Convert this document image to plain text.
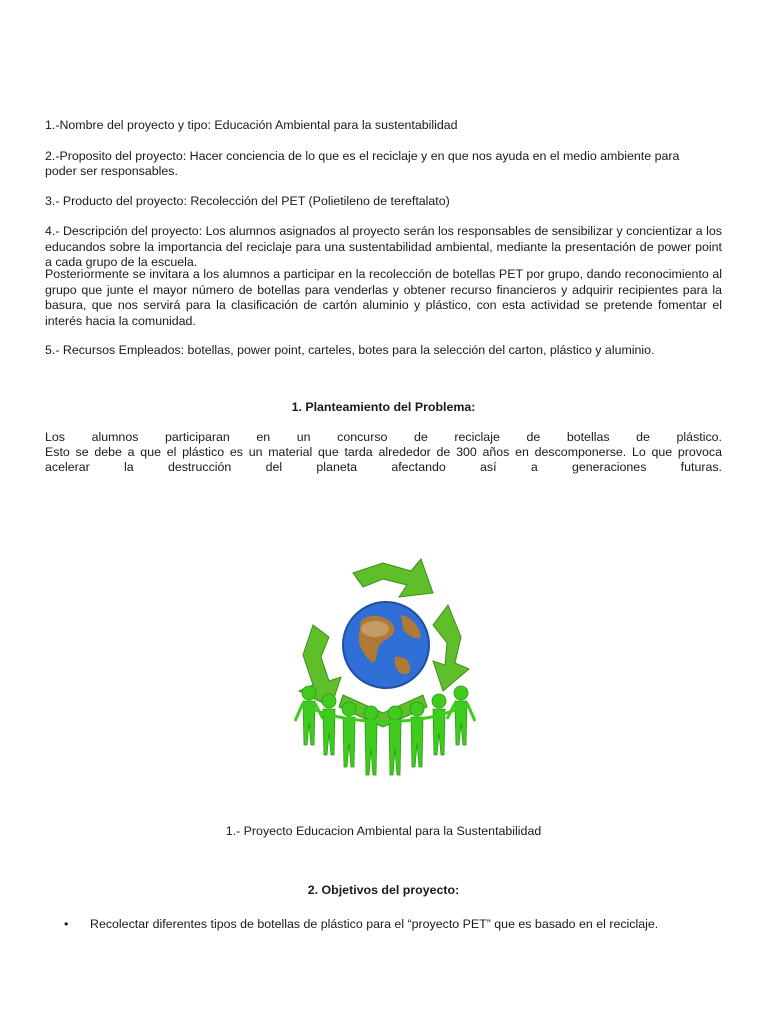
1.-Nombre del proyecto y tipo: Educación Ambiental para la sustentabilidad

2.-Proposito del proyecto: Hacer conciencia de lo que es el reciclaje y en que nos ayuda en el medio ambiente para

poder ser responsables.

3.- Producto del proyecto: Recolección del PET (Polietileno de tereftalato)

4.- Descripción del proyecto: Los alumnos asignados al proyecto serán los responsables de sensibilizar y concientizar a los educandos sobre la importancia del reciclaje para una sustentabilidad ambiental, mediante la presentación de power point a cada grupo de la escuela.

Posteriormente se invitara a los alumnos a participar en la recolección de botellas PET por grupo, dando reconocimiento al grupo que junte el mayor número de botellas para venderlas y obtener recurso financieros y adquirir recipientes para la basura, que nos servirá para la clasificación de cartón aluminio y plástico, con esta actividad se pretende fomentar el interés hacia la comunidad.

5.- Recursos Empleados: botellas, power point, carteles, botes para la selección del carton, plástico y aluminio.

1. Planteamiento del Problema:

Los alumnos participaran en un concurso de reciclaje de botellas de plástico.

Esto se debe a que el plástico es un material que tarda alrededor de 300 años en descomponerse. Lo que provoca

acelerar la destrucción del planeta afectando así a generaciones futuras.

1.- Proyecto Educacion Ambiental para la Sustentabilidad

2. Objetivos del proyecto:

•	Recolectar diferentes tipos de botellas de plástico para el “proyecto PET” que es basado en el reciclaje.
